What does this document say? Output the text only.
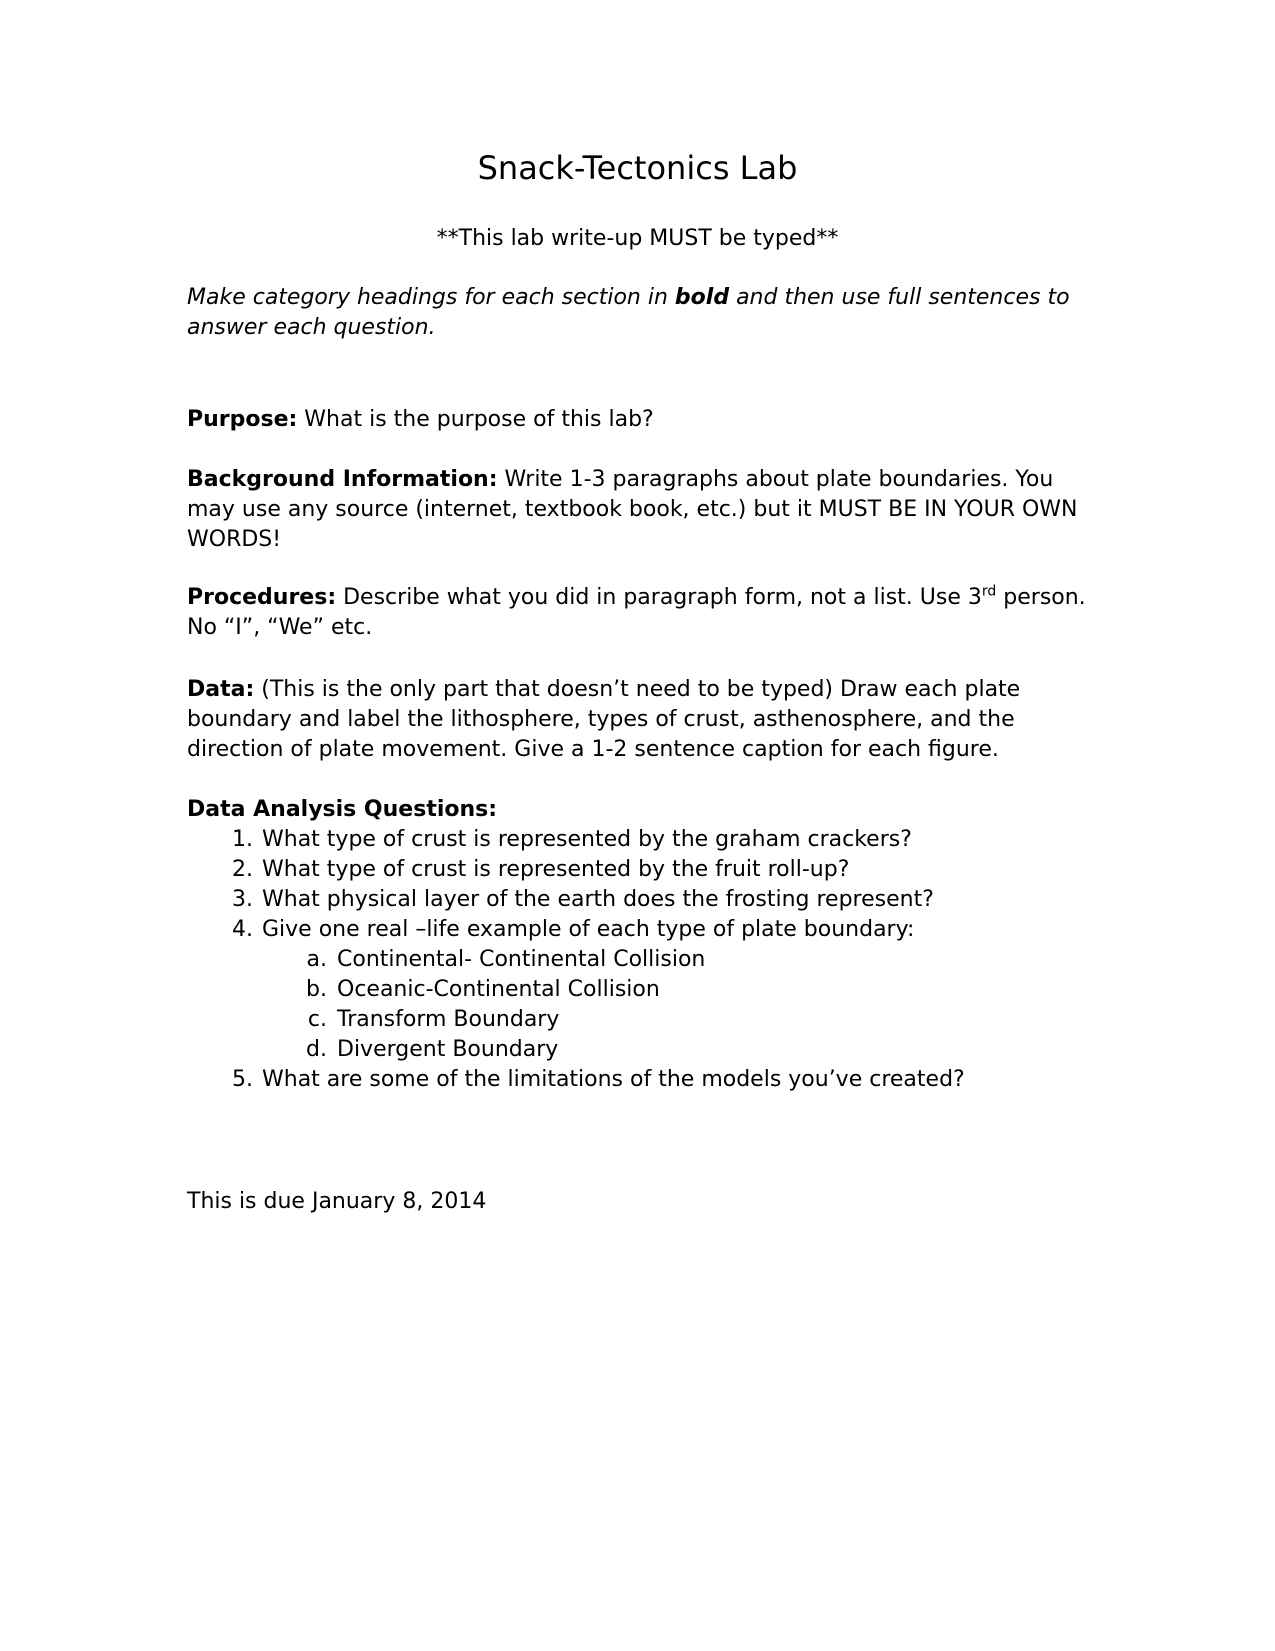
Snack-Tectonics Lab
**This lab write-up MUST be typed**
Make category headings for each section in bold and then use full sentences to answer each question.
Purpose: What is the purpose of this lab?
Background Information: Write 1-3 paragraphs about plate boundaries. You may use any source (internet, textbook book, etc.) but it MUST BE IN YOUR OWN WORDS!
Procedures: Describe what you did in paragraph form, not a list. Use 3rd person. No “I”, “We” etc.
Data: (This is the only part that doesn’t need to be typed) Draw each plate boundary and label the lithosphere, types of crust, asthenosphere, and the direction of plate movement. Give a 1-2 sentence caption for each figure.
Data Analysis Questions:
1. What type of crust is represented by the graham crackers?
2. What type of crust is represented by the fruit roll-up?
3. What physical layer of the earth does the frosting represent?
4. Give one real –life example of each type of plate boundary:
a. Continental- Continental Collision
b. Oceanic-Continental Collision
c. Transform Boundary
d. Divergent Boundary
5. What are some of the limitations of the models you’ve created?
This is due January 8, 2014
